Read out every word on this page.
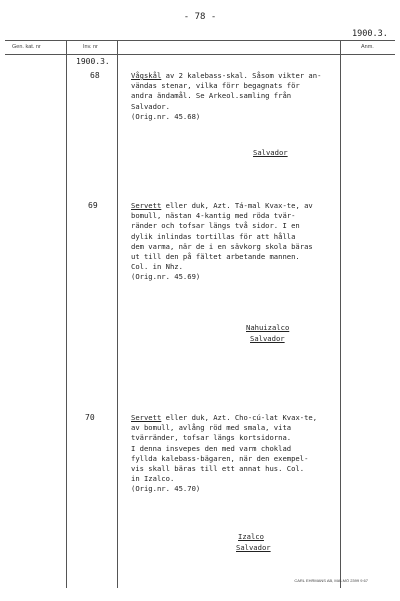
- 78 -
1900.3.
Gen. kat. nr	Inv. nr	Anm.
1900.3.
68	Vågskål av 2 kalebass-skal. Såsom vikter an-
vändas stenar, vilka förr begagnats för
andra ändamål. Se Arkeol.samling från
Salvador.
(Orig.nr. 45.68)
Salvador
69	Servett eller duk, Azt. Tá-mal Kvax-te, av
bomull, nästan 4-kantig med röda tvär-
ränder och tofsar längs två sidor. I en
dylik inlindas tortillas för att hålla
dem varma, när de i en sävkorg skola bäras
ut till den på fältet arbetande mannen.
Col. in Nhz.
(Orig.nr. 45.69)
Nahuizalco
Salvador
70	Servett eller duk, Azt. Cho-cú-lat Kvax-te,
av bomull, avlång röd med smala, vita
tvärränder, tofsar längs kortsidorna.
I denna insvepes den med varm choklad
fyllda kalebass-bägaren, när den exempel-
vis skall bäras till ett annat hus. Col.
in Izalco.
(Orig.nr. 45.70)
Izalco
Salvador
CARL EHRMANS AB, MALMÖ 2399 9 67
